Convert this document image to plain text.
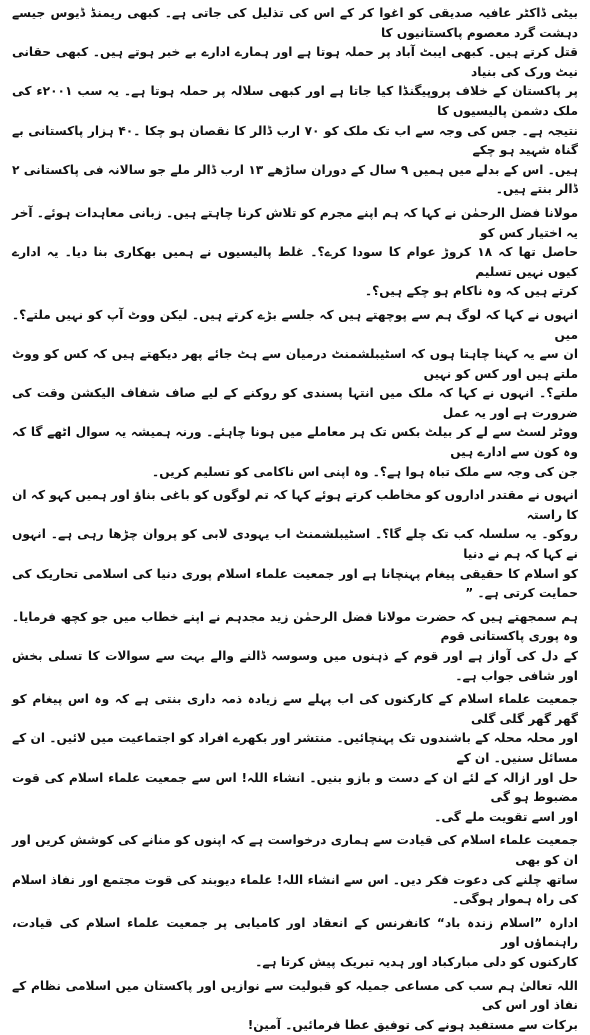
بیٹی ڈاکٹر عافیہ صدیقی کو اغوا کر کے اس کی تذلیل کی جاتی ہے۔ کبھی ریمنڈ ڈیوس جیسے دہشت گرد معصوم پاکستانیوں کا
قتل کرتے ہیں۔ کبھی ایبٹ آباد پر حملہ ہوتا ہے اور ہمارے ادارے بے خبر ہوتے ہیں۔ کبھی حقانی نیٹ ورک کی بنیاد
پر پاکستان کے خلاف پروپیگنڈا کیا جاتا ہے اور کبھی سلالہ پر حملہ ہوتا ہے۔ یہ سب ۲۰۰۱ء کی ملک دشمن پالیسیوں کا
نتیجہ ہے۔ جس کی وجہ سے اب تک ملک کو ۷۰ ارب ڈالر کا نقصان ہو چکا ۔۴۰ ہزار پاکستانی بے گناہ شہید ہو چکے
ہیں۔ اس کے بدلے میں ہمیں ۹ سال کے دوران ساڑھے ۱۳ ارب ڈالر ملے جو سالانہ فی پاکستانی ۲ ڈالر بنتے ہیں۔

مولانا فضل الرحمٰن نے کہا کہ ہم اپنے مجرم کو تلاش کرنا چاہتے ہیں۔ زبانی معاہدات ہوئے۔ آخر یہ اختیار کس کو
حاصل تھا کہ ۱۸ کروڑ عوام کا سودا کرے؟۔ غلط پالیسیوں نے ہمیں بھکاری بنا دیا۔ یہ ادارے کیوں نہیں تسلیم
کرتے ہیں کہ وہ ناکام ہو چکے ہیں؟۔

انہوں نے کہا کہ لوگ ہم سے پوچھتے ہیں کہ جلسے بڑے کرتے ہیں۔ لیکن ووٹ آپ کو نہیں ملتے؟۔ میں
ان سے یہ کہنا چاہتا ہوں کہ اسٹیبلشمنٹ درمیان سے ہٹ جائے پھر دیکھتے ہیں کہ کس کو ووٹ ملتے ہیں اور کس کو نہیں
ملتے؟۔ انہوں نے کہا کہ ملک میں انتہا پسندی کو روکنے کے لیے صاف شفاف الیکشن وقت کی ضرورت ہے اور یہ عمل
ووٹر لسٹ سے لے کر بیلٹ بکس تک ہر معاملے میں ہونا چاہئے۔ ورنہ ہمیشہ یہ سوال اٹھے گا کہ وہ کون سے ادارے ہیں
جن کی وجہ سے ملک تباہ ہوا ہے؟۔ وہ اپنی اس ناکامی کو تسلیم کریں۔

انہوں نے مقتدر اداروں کو مخاطب کرتے ہوئے کہا کہ تم لوگوں کو باغی بناؤ اور ہمیں کہو کہ ان کا راستہ
روکو۔ یہ سلسلہ کب تک چلے گا؟۔ اسٹیبلشمنٹ اب یہودی لابی کو پروان چڑھا رہی ہے۔ انہوں نے کہا کہ ہم نے دنیا
کو اسلام کا حقیقی پیغام پہنچانا ہے اور جمعیت علماء اسلام پوری دنیا کی اسلامی تحاریک کی حمایت کرتی ہے۔ ”

ہم سمجھتے ہیں کہ حضرت مولانا فضل الرحمٰن زید مجدہم نے اپنے خطاب میں جو کچھ فرمایا۔ وہ پوری پاکستانی قوم
کے دل کی آواز ہے اور قوم کے ذہنوں میں وسوسہ ڈالنے والے بہت سے سوالات کا تسلی بخش اور شافی جواب ہے۔

جمعیت علماء اسلام کے کارکنوں کی اب پہلے سے زیادہ ذمہ داری بنتی ہے کہ وہ اس پیغام کو گھر گھر گلی گلی
اور محلہ محلہ کے باشندوں تک پہنچائیں۔ منتشر اور بکھرے افراد کو اجتماعیت میں لائیں۔ ان کے مسائل سنیں۔ ان کے
حل اور ازالہ کے لئے ان کے دست و بازو بنیں۔ انشاء اللہ! اس سے جمعیت علماء اسلام کی قوت مضبوط ہو گی
اور اسے تقویت ملے گی۔

جمعیت علماء اسلام کی قیادت سے ہماری درخواست ہے کہ اپنوں کو منانے کی کوشش کریں اور ان کو بھی
ساتھ چلنے کی دعوت فکر دیں۔ اس سے انشاء اللہ! علماء دیوبند کی قوت مجتمع اور نفاذ اسلام کی راہ ہموار ہوگی۔

ادارہ ”اسلام زندہ باد“ کانفرنس کے انعقاد اور کامیابی پر جمعیت علماء اسلام کی قیادت، راہنماؤں اور
کارکنوں کو دلی مبارکباد اور ہدیہ تبریک پیش کرتا ہے۔

اللہ تعالیٰ ہم سب کی مساعی جمیلہ کو قبولیت سے نوازیں اور پاکستان میں اسلامی نظام کے نفاذ اور اس کی
برکات سے مستفید ہونے کی توفیق عطا فرمائیں۔ آمین!
